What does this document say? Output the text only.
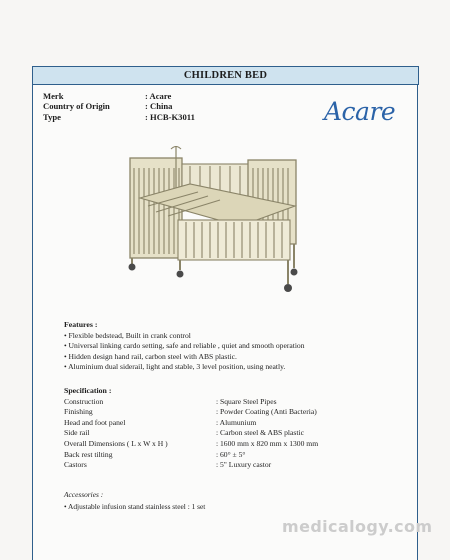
CHILDREN BED
Merk	: Acare
Country of Origin	: China
Type	: HCB-K3011	Acare
Features :
• Flexible bedstead, Built in crank control
• Universal linking cardo setting, safe and reliable , quiet and smooth operation
• Hidden design hand rail, carbon steel with ABS plastic.
• Aluminium dual siderail, light and stable, 3 level position, using neatly.
Specification :
Construction	: Square Steel Pipes
Finishing	: Powder Coating (Anti Bacteria)
Head and foot panel	: Alumunium
Side rail	: Carbon steel & ABS plastic
Overall Dimensions ( L x W x H )	: 1600 mm x 820 mm x 1300 mm
Back rest tilting	: 60° ± 5°
Castors	: 5" Luxury castor
Accessories :
• Adjustable infusion stand stainless steel : 1 set
medicalogy.com
